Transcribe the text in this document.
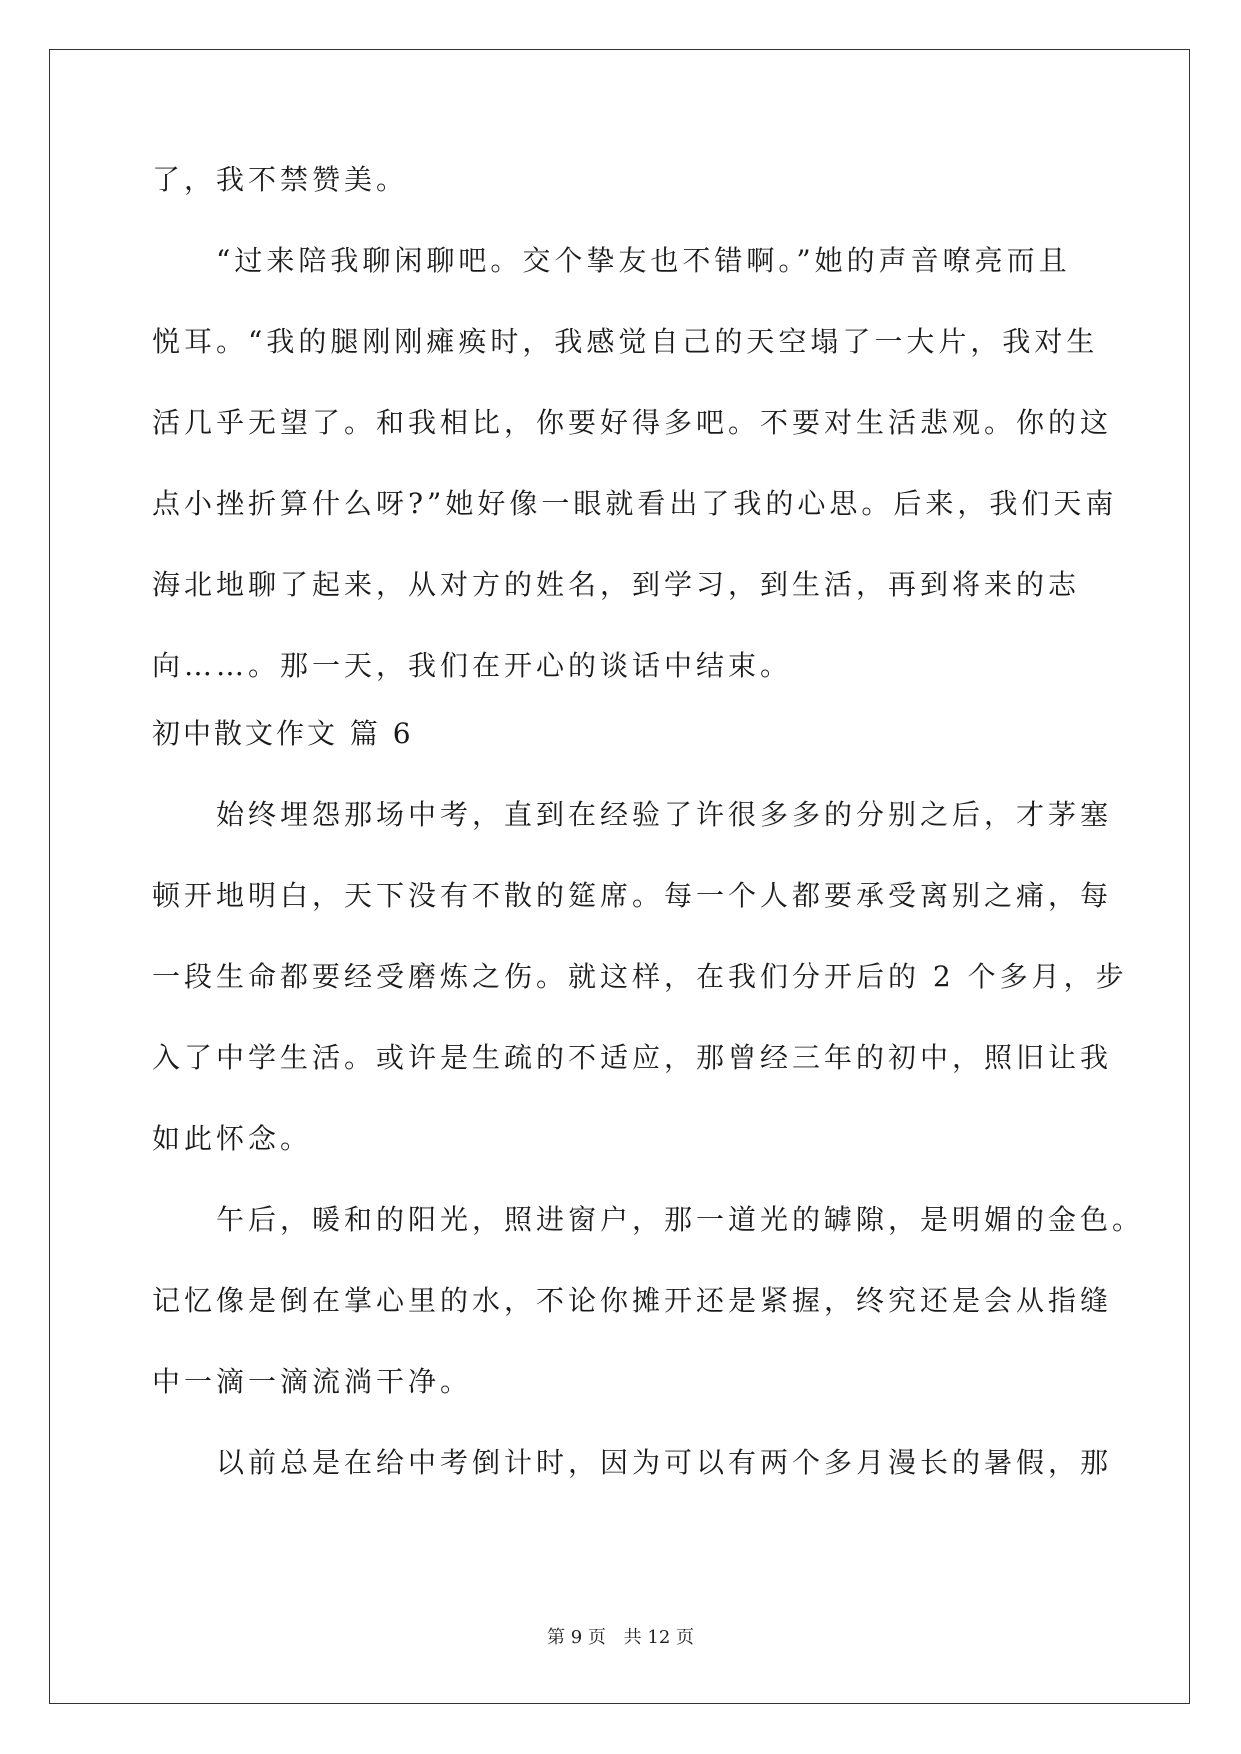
了，我不禁赞美。
“过来陪我聊闲聊吧。交个挚友也不错啊。”她的声音嘹亮而且
悦耳。“我的腿刚刚瘫痪时，我感觉自己的天空塌了一大片，我对生
活几乎无望了。和我相比，你要好得多吧。不要对生活悲观。你的这
点小挫折算什么呀?”她好像一眼就看出了我的心思。后来，我们天南
海北地聊了起来，从对方的姓名，到学习，到生活，再到将来的志
向……。那一天，我们在开心的谈话中结束。
初中散文作文 篇 6
始终埋怨那场中考，直到在经验了许很多多的分别之后，才茅塞
顿开地明白，天下没有不散的筵席。每一个人都要承受离别之痛，每
一段生命都要经受磨炼之伤。就这样，在我们分开后的 2 个多月，步
入了中学生活。或许是生疏的不适应，那曾经三年的初中，照旧让我
如此怀念。
午后，暖和的阳光，照进窗户，那一道光的罅隙，是明媚的金色。
记忆像是倒在掌心里的水，不论你摊开还是紧握，终究还是会从指缝
中一滴一滴流淌干净。
以前总是在给中考倒计时，因为可以有两个多月漫长的暑假，那
第 9 页 共 12 页
